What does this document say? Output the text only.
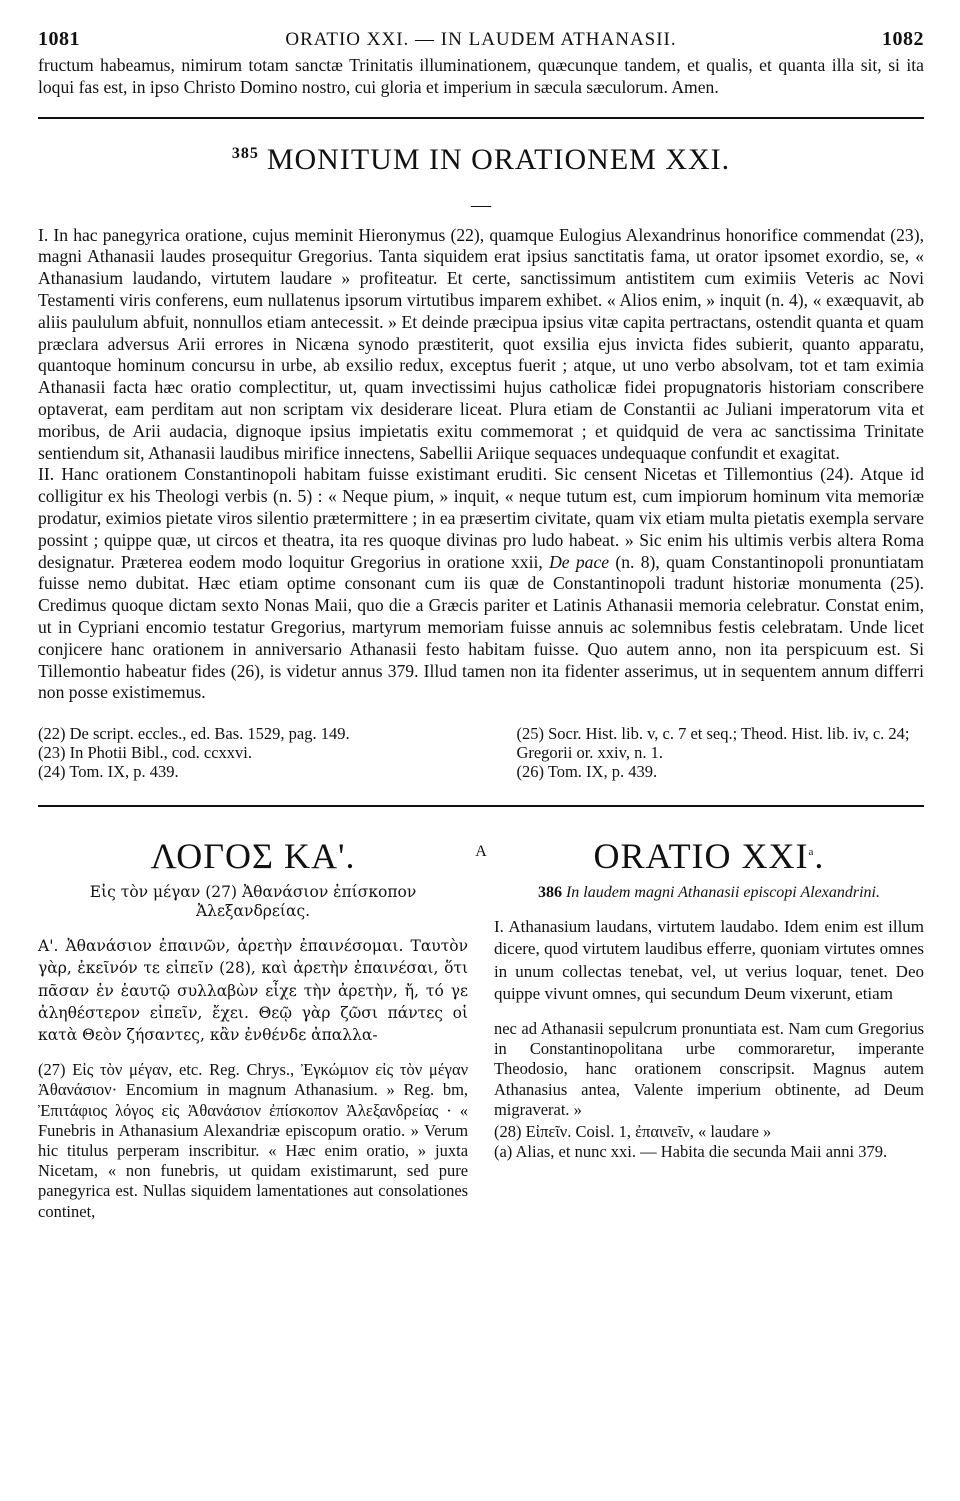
1081	ORATIO XXI. — IN LAUDEM ATHANASII.	1082

fructum habeamus, nimirum totam sanctæ Trinitatis illuminationem, quæcunque tandem, et qualis, et quanta illa sit, si ita loqui fas est, in ipso Christo Domino nostro, cui gloria et imperium in sæcula sæculorum. Amen.

$^{385}$ MONITUM IN ORATIONEM XXI.
—

I. In hac panegyrica oratione, cujus meminit Hieronymus (22), quamque Eulogius Alexandrinus honorifice commendat (23), magni Athanasii laudes prosequitur Gregorius. Tanta siquidem erat ipsius sanctitatis fama, ut orator ipsomet exordio, se, « Athanasium laudando, virtutem laudare » profiteatur. Et certe, sanctissimum antistitem cum eximiis Veteris ac Novi Testamenti viris conferens, eum nullatenus ipsorum virtutibus imparem exhibet. « Alios enim, » inquit (n. 4), « exæquavit, ab aliis paululum abfuit, nonnullos etiam antecessit. » Et deinde præcipua ipsius vitæ capita pertractans, ostendit quanta et quam præclara adversus Arii errores in Nicæna synodo præstiterit, quot exsilia ejus invicta fides subierit, quanto apparatu, quantoque hominum concursu in urbe, ab exsilio redux, exceptus fuerit ; atque, ut uno verbo absolvam, tot et tam eximia Athanasii facta hæc oratio complectitur, ut, quam invectissimi hujus catholicæ fidei propugnatoris historiam conscribere optaverat, eam perditam aut non scriptam vix desiderare liceat. Plura etiam de Constantii ac Juliani imperatorum vita et moribus, de Arii audacia, dignoque ipsius impietatis exitu commemorat ; et quidquid de vera ac sanctissima Trinitate sentiendum sit, Athanasii laudibus mirifice innectens, Sabellii Ariique sequaces undequaque confundit et exagitat.

II. Hanc orationem Constantinopoli habitam fuisse existimant eruditi. Sic censent Nicetas et Tillemontius (24). Atque id colligitur ex his Theologi verbis (n. 5) : « Neque pium, » inquit, « neque tutum est, cum impiorum hominum vita memoriæ prodatur, eximios pietate viros silentio prætermittere ; in ea præsertim civitate, quam vix etiam multa pietatis exempla servare possint ; quippe quæ, ut circos et theatra, ita res quoque divinas pro ludo habeat. » Sic enim his ultimis verbis altera Roma designatur. Præterea eodem modo loquitur Gregorius in oratione xxii, De pace (n. 8), quam Constantinopoli pronuntiatam fuisse nemo dubitat. Hæc etiam optime consonant cum iis quæ de Constantinopoli tradunt historiæ monumenta (25). Credimus quoque dictam sexto Nonas Maii, quo die a Græcis pariter et Latinis Athanasii memoria celebratur. Constat enim, ut in Cypriani encomio testatur Gregorius, martyrum memoriam fuisse annuis ac solemnibus festis celebratam. Unde licet conjicere hanc orationem in anniversario Athanasii festo habitam fuisse. Quo autem anno, non ita perspicuum est. Si Tillemontio habeatur fides (26), is videtur annus 379. Illud tamen non ita fidenter asserimus, ut in sequentem annum differri non posse existimemus.

(22) De script. eccles., ed. Bas. 1529, pag. 149.
(23) In Photii Bibl., cod. ccxxvi.
(24) Tom. IX, p. 439.
(25) Socr. Hist. lib. v, c. 7 et seq.; Theod. Hist. lib. iv, c. 24; Gregorii or. xxiv, n. 1.
(26) Tom. IX, p. 439.
ΛΟΓΟΣ ΚΑ'.
Εἰς τὸν μέγαν (27) Ἀθανάσιον ἐπίσκοπον Ἀλεξανδρείας.
Α'. Ἀθανάσιον ἐπαινῶν, ἀρετὴν ἐπαινέσομαι. Ταυτὸν γὰρ, ἐκεῖνόν τε εἰπεῖν (28), καὶ ἀρετὴν ἐπαινέσαι, ὅτι πᾶσαν ἐν ἑαυτῷ συλλαβὼν εἶχε τὴν ἀρετὴν, ἤ, τό γε ἀληθέστερον εἰπεῖν, ἔχει. Θεῷ γὰρ ζῶσι πάντες οἱ κατὰ Θεὸν ζήσαντες, κἂν ἐνθένδε ἀπαλλα-
(27) Εἰς τὸν μέγαν, etc. Reg. Chrys., Ἐγκώμιον εἰς τὸν μέγαν Ἀθανάσιον· Encomium in magnum Athanasium. » Reg. bm, Ἐπιτάφιος λόγος εἰς Ἀθανάσιον ἐπίσκοπον Ἀλεξανδρείας · « Funebris in Athanasium Alexandriæ episcopum oratio. » Verum hic titulus perperam inscribitur. « Hæc enim oratio, » juxta Nicetam, « non funebris, ut quidam existimarunt, sed pure panegyrica est. Nullas siquidem lamentationes aut consolationes continet,
A	ORATIO XXI$^a$.
386 In laudem magni Athanasii episcopi Alexandrini.
I. Athanasium laudans, virtutem laudabo. Idem enim est illum dicere, quod virtutem laudibus efferre, quoniam virtutes omnes in unum collectas tenebat, vel, ut verius loquar, tenet. Deo quippe vivunt omnes, qui secundum Deum vixerunt, etiam
nec ad Athanasii sepulcrum pronuntiata est. Nam cum Gregorius in Constantinopolitana urbe commoraretur, imperante Theodosio, hanc orationem conscripsit. Magnus autem Athanasius antea, Valente imperium obtinente, ad Deum migraverat. »
(28) Εἰπεῖν. Coisl. 1, ἐπαινεῖν, « laudare »
(a) Alias, et nunc xxi. — Habita die secunda Maii anni 379.
